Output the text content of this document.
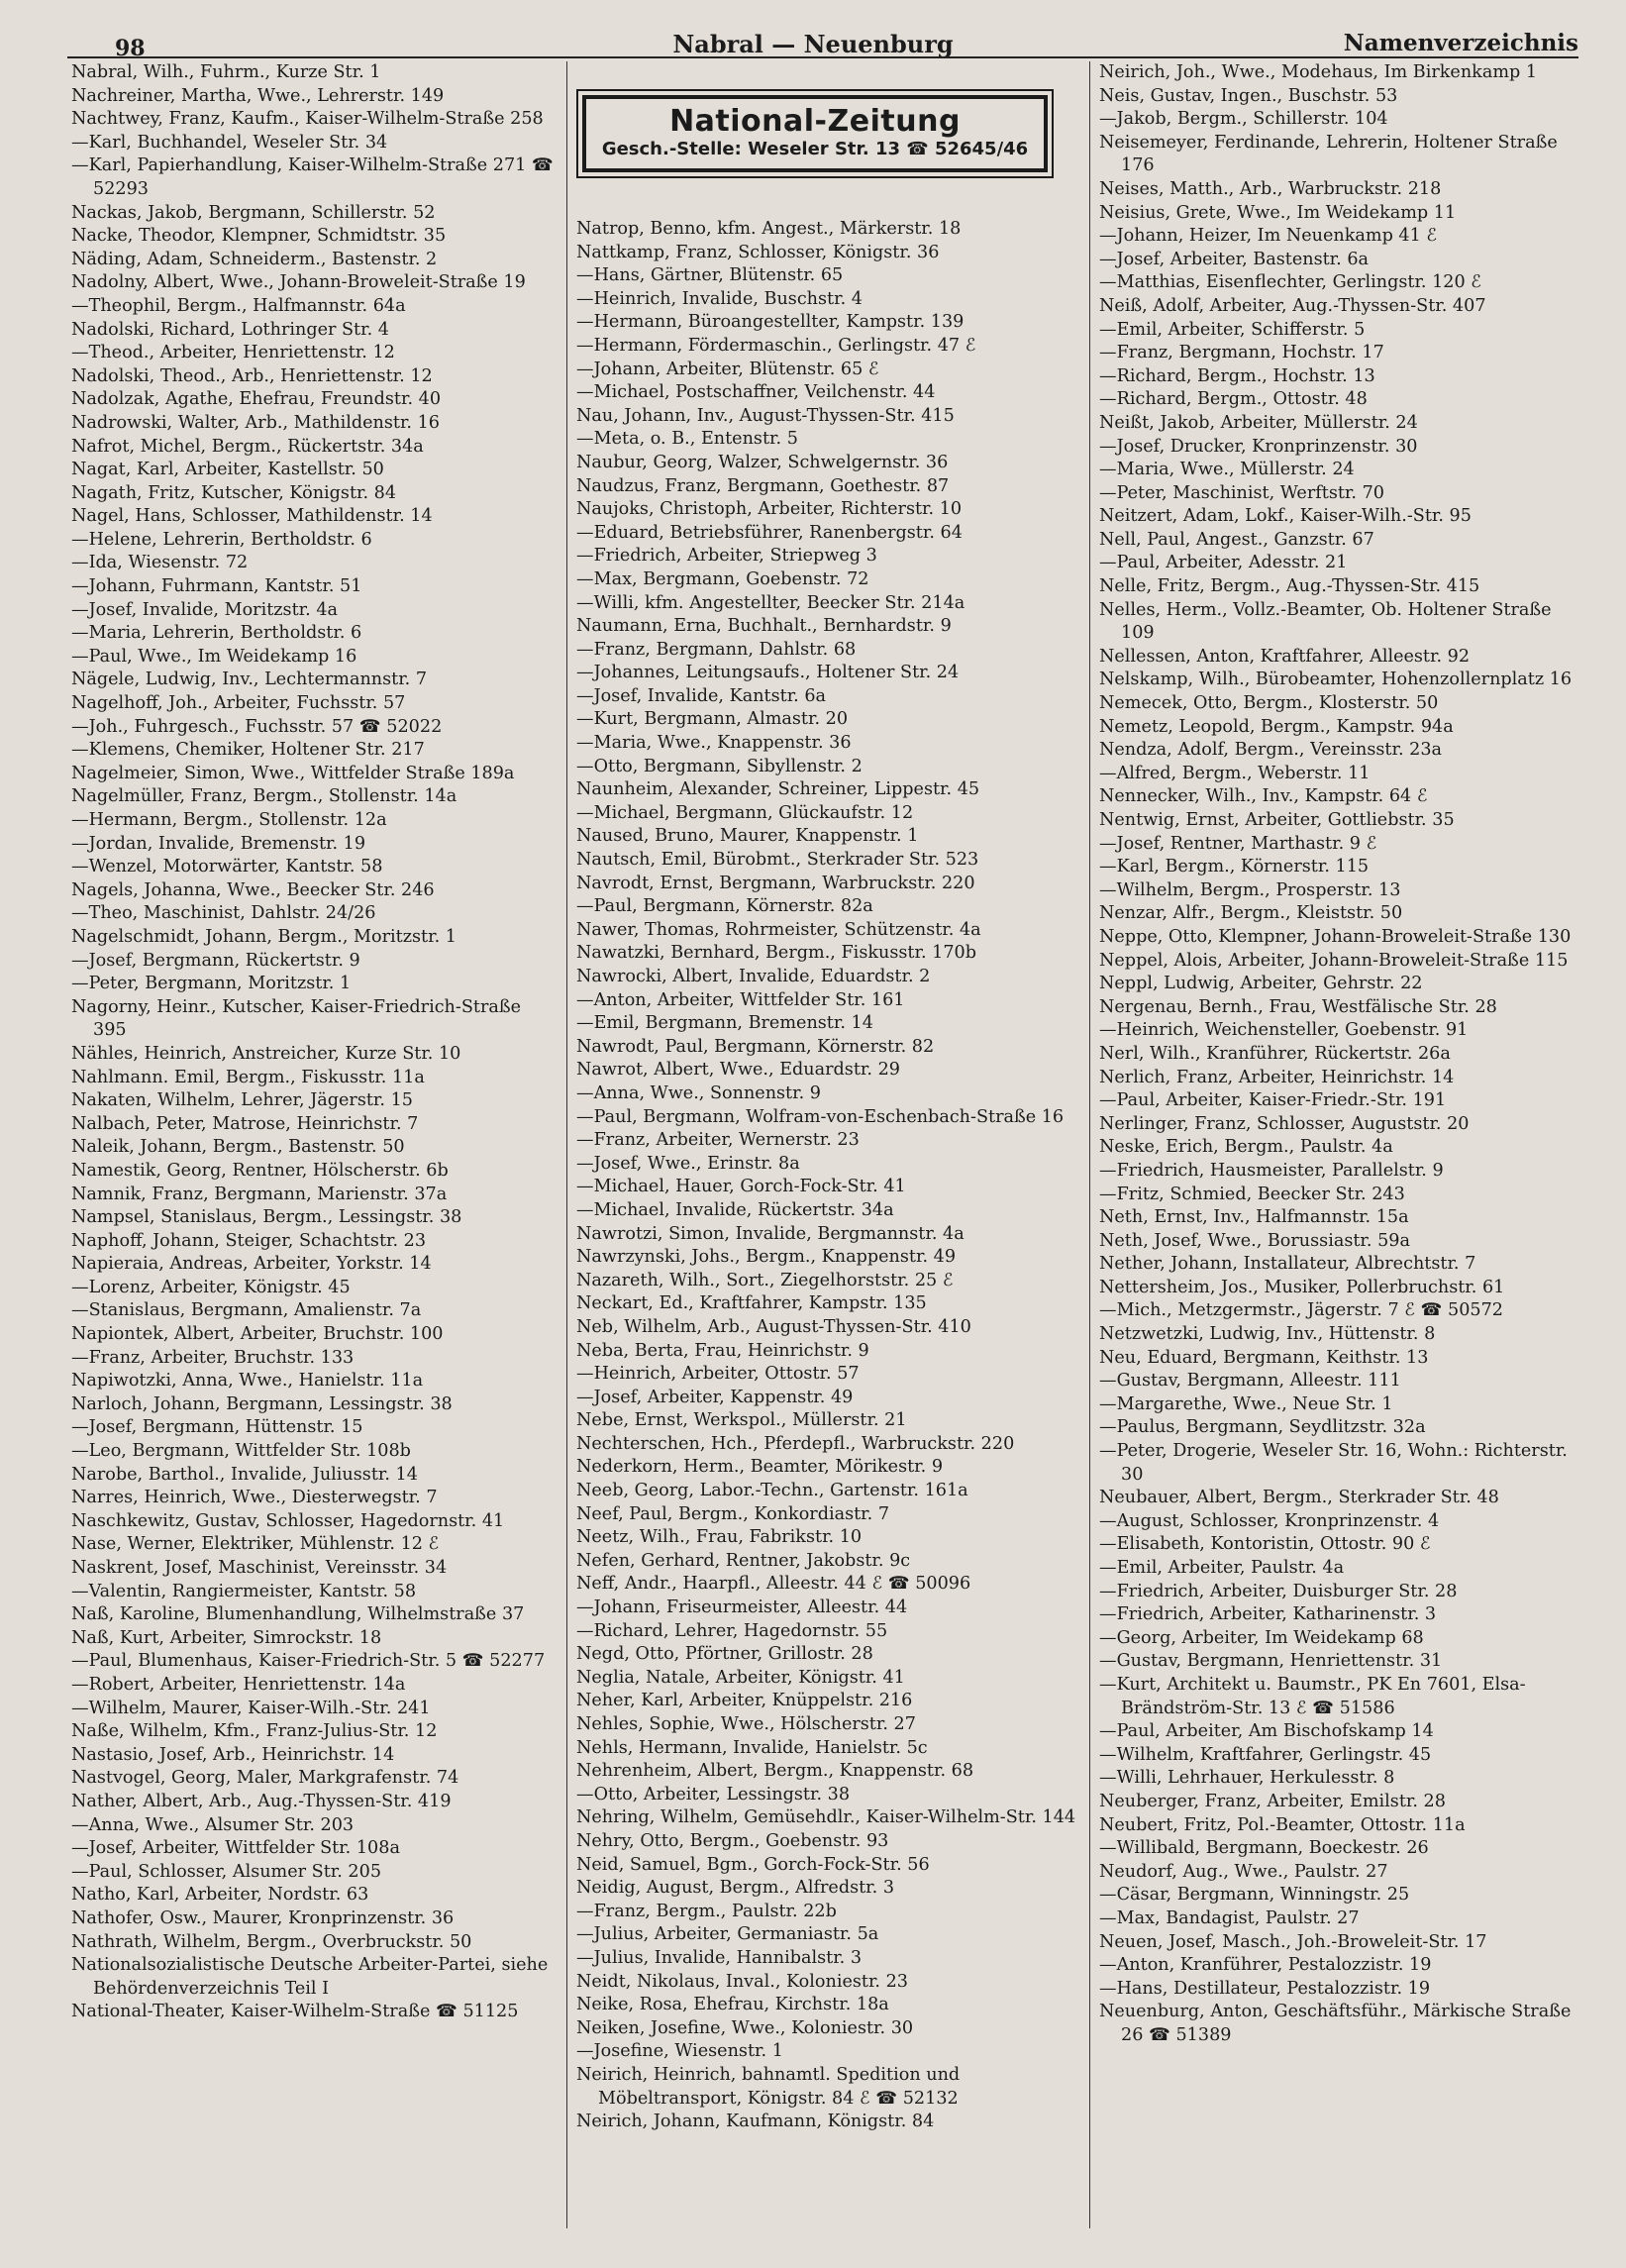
98	Nabral — Neuenburg	Namenverzeichnis
Nabral, Wilh., Fuhrm., Kurze Str. 1
Nachreiner, Martha, Wwe., Lehrerstr. 149
Nachtwey, Franz, Kaufm., Kaiser-Wilhelm-Straße 258
—Karl, Buchhandel, Weseler Str. 34
—Karl, Papierhandlung, Kaiser-Wilhelm-Straße 271 ☎ 52293
Nackas, Jakob, Bergmann, Schillerstr. 52
Nacke, Theodor, Klempner, Schmidtstr. 35
Näding, Adam, Schneiderm., Bastenstr. 2
Nadolny, Albert, Wwe., Johann-Broweleit-Straße 19
—Theophil, Bergm., Halfmannstr. 64a
Nadolski, Richard, Lothringer Str. 4
—Theod., Arbeiter, Henriettenstr. 12
Nadolski, Theod., Arb., Henriettenstr. 12
Nadolzak, Agathe, Ehefrau, Freundstr. 40
Nadrowski, Walter, Arb., Mathildenstr. 16
Nafrot, Michel, Bergm., Rückertstr. 34a
Nagat, Karl, Arbeiter, Kastellstr. 50
Nagath, Fritz, Kutscher, Königstr. 84
Nagel, Hans, Schlosser, Mathildenstr. 14
—Helene, Lehrerin, Bertholdstr. 6
—Ida, Wiesenstr. 72
—Johann, Fuhrmann, Kantstr. 51
—Josef, Invalide, Moritzstr. 4a
—Maria, Lehrerin, Bertholdstr. 6
—Paul, Wwe., Im Weidekamp 16
Nägele, Ludwig, Inv., Lechtermannstr. 7
Nagelhoff, Joh., Arbeiter, Fuchsstr. 57
—Joh., Fuhrgesch., Fuchsstr. 57 ☎ 52022
—Klemens, Chemiker, Holtener Str. 217
Nagelmeier, Simon, Wwe., Wittfelder Straße 189a
Nagelmüller, Franz, Bergm., Stollenstr. 14a
—Hermann, Bergm., Stollenstr. 12a
—Jordan, Invalide, Bremenstr. 19
—Wenzel, Motorwärter, Kantstr. 58
Nagels, Johanna, Wwe., Beecker Str. 246
—Theo, Maschinist, Dahlstr. 24/26
Nagelschmidt, Johann, Bergm., Moritzstr. 1
—Josef, Bergmann, Rückertstr. 9
—Peter, Bergmann, Moritzstr. 1
Nagorny, Heinr., Kutscher, Kaiser-Friedrich-Straße 395
Nähles, Heinrich, Anstreicher, Kurze Str. 10
Nahlmann. Emil, Bergm., Fiskusstr. 11a
Nakaten, Wilhelm, Lehrer, Jägerstr. 15
Nalbach, Peter, Matrose, Heinrichstr. 7
Naleik, Johann, Bergm., Bastenstr. 50
Namestik, Georg, Rentner, Hölscherstr. 6b
Namnik, Franz, Bergmann, Marienstr. 37a
Nampsel, Stanislaus, Bergm., Lessingstr. 38
Naphoff, Johann, Steiger, Schachtstr. 23
Napieraia, Andreas, Arbeiter, Yorkstr. 14
—Lorenz, Arbeiter, Königstr. 45
—Stanislaus, Bergmann, Amalienstr. 7a
Napiontek, Albert, Arbeiter, Bruchstr. 100
—Franz, Arbeiter, Bruchstr. 133
Napiwotzki, Anna, Wwe., Hanielstr. 11a
Narloch, Johann, Bergmann, Lessingstr. 38
—Josef, Bergmann, Hüttenstr. 15
—Leo, Bergmann, Wittfelder Str. 108b
Narobe, Barthol., Invalide, Juliusstr. 14
Narres, Heinrich, Wwe., Diesterwegstr. 7
Naschkewitz, Gustav, Schlosser, Hagedornstr. 41
Nase, Werner, Elektriker, Mühlenstr. 12 ℰ
Naskrent, Josef, Maschinist, Vereinsstr. 34
—Valentin, Rangiermeister, Kantstr. 58
Naß, Karoline, Blumenhandlung, Wilhelmstraße 37
Naß, Kurt, Arbeiter, Simrockstr. 18
—Paul, Blumenhaus, Kaiser-Friedrich-Str. 5 ☎ 52277
—Robert, Arbeiter, Henriettenstr. 14a
—Wilhelm, Maurer, Kaiser-Wilh.-Str. 241
Naße, Wilhelm, Kfm., Franz-Julius-Str. 12
Nastasio, Josef, Arb., Heinrichstr. 14
Nastvogel, Georg, Maler, Markgrafenstr. 74
Nather, Albert, Arb., Aug.-Thyssen-Str. 419
—Anna, Wwe., Alsumer Str. 203
—Josef, Arbeiter, Wittfelder Str. 108a
—Paul, Schlosser, Alsumer Str. 205
Natho, Karl, Arbeiter, Nordstr. 63
Nathofer, Osw., Maurer, Kronprinzenstr. 36
Nathrath, Wilhelm, Bergm., Overbruckstr. 50
Nationalsozialistische Deutsche Arbeiter-Partei, siehe Behördenverzeichnis Teil I
National-Theater, Kaiser-Wilhelm-Straße ☎ 51125
National-Zeitung
Gesch.-Stelle: Weseler Str. 13 ☎ 52645/46
Natrop, Benno, kfm. Angest., Märkerstr. 18
Nattkamp, Franz, Schlosser, Königstr. 36
—Hans, Gärtner, Blütenstr. 65
—Heinrich, Invalide, Buschstr. 4
—Hermann, Büroangestellter, Kampstr. 139
—Hermann, Fördermaschin., Gerlingstr. 47 ℰ
—Johann, Arbeiter, Blütenstr. 65 ℰ
—Michael, Postschaffner, Veilchenstr. 44
Nau, Johann, Inv., August-Thyssen-Str. 415
—Meta, o. B., Entenstr. 5
Naubur, Georg, Walzer, Schwelgernstr. 36
Naudzus, Franz, Bergmann, Goethestr. 87
Naujoks, Christoph, Arbeiter, Richterstr. 10
—Eduard, Betriebsführer, Ranenbergstr. 64
—Friedrich, Arbeiter, Striepweg 3
—Max, Bergmann, Goebenstr. 72
—Willi, kfm. Angestellter, Beecker Str. 214a
Naumann, Erna, Buchhalt., Bernhardstr. 9
—Franz, Bergmann, Dahlstr. 68
—Johannes, Leitungsaufs., Holtener Str. 24
—Josef, Invalide, Kantstr. 6a
—Kurt, Bergmann, Almastr. 20
—Maria, Wwe., Knappenstr. 36
—Otto, Bergmann, Sibyllenstr. 2
Naunheim, Alexander, Schreiner, Lippestr. 45
—Michael, Bergmann, Glückaufstr. 12
Naused, Bruno, Maurer, Knappenstr. 1
Nautsch, Emil, Bürobmt., Sterkrader Str. 523
Navrodt, Ernst, Bergmann, Warbruckstr. 220
—Paul, Bergmann, Körnerstr. 82a
Nawer, Thomas, Rohrmeister, Schützenstr. 4a
Nawatzki, Bernhard, Bergm., Fiskusstr. 170b
Nawrocki, Albert, Invalide, Eduardstr. 2
—Anton, Arbeiter, Wittfelder Str. 161
—Emil, Bergmann, Bremenstr. 14
Nawrodt, Paul, Bergmann, Körnerstr. 82
Nawrot, Albert, Wwe., Eduardstr. 29
—Anna, Wwe., Sonnenstr. 9
—Paul, Bergmann, Wolfram-von-Eschenbach-Straße 16
—Franz, Arbeiter, Wernerstr. 23
—Josef, Wwe., Erinstr. 8a
—Michael, Hauer, Gorch-Fock-Str. 41
—Michael, Invalide, Rückertstr. 34a
Nawrotzi, Simon, Invalide, Bergmannstr. 4a
Nawrzynski, Johs., Bergm., Knappenstr. 49
Nazareth, Wilh., Sort., Ziegelhorststr. 25 ℰ
Neckart, Ed., Kraftfahrer, Kampstr. 135
Neb, Wilhelm, Arb., August-Thyssen-Str. 410
Neba, Berta, Frau, Heinrichstr. 9
—Heinrich, Arbeiter, Ottostr. 57
—Josef, Arbeiter, Kappenstr. 49
Nebe, Ernst, Werkspol., Müllerstr. 21
Nechterschen, Hch., Pferdepfl., Warbruckstr. 220
Nederkorn, Herm., Beamter, Mörikestr. 9
Neeb, Georg, Labor.-Techn., Gartenstr. 161a
Neef, Paul, Bergm., Konkordiastr. 7
Neetz, Wilh., Frau, Fabrikstr. 10
Nefen, Gerhard, Rentner, Jakobstr. 9c
Neff, Andr., Haarpfl., Alleestr. 44 ℰ ☎ 50096
—Johann, Friseurmeister, Alleestr. 44
—Richard, Lehrer, Hagedornstr. 55
Negd, Otto, Pförtner, Grillostr. 28
Neglia, Natale, Arbeiter, Königstr. 41
Neher, Karl, Arbeiter, Knüppelstr. 216
Nehles, Sophie, Wwe., Hölscherstr. 27
Nehls, Hermann, Invalide, Hanielstr. 5c
Nehrenheim, Albert, Bergm., Knappenstr. 68
—Otto, Arbeiter, Lessingstr. 38
Nehring, Wilhelm, Gemüsehdlr., Kaiser-Wilhelm-Str. 144
Nehry, Otto, Bergm., Goebenstr. 93
Neid, Samuel, Bgm., Gorch-Fock-Str. 56
Neidig, August, Bergm., Alfredstr. 3
—Franz, Bergm., Paulstr. 22b
—Julius, Arbeiter, Germaniastr. 5a
—Julius, Invalide, Hannibalstr. 3
Neidt, Nikolaus, Inval., Koloniestr. 23
Neike, Rosa, Ehefrau, Kirchstr. 18a
Neiken, Josefine, Wwe., Koloniestr. 30
—Josefine, Wiesenstr. 1
Neirich, Heinrich, bahnamtl. Spedition und Möbeltransport, Königstr. 84 ℰ ☎ 52132
Neirich, Johann, Kaufmann, Königstr. 84
Neirich, Joh., Wwe., Modehaus, Im Birkenkamp 1
Neis, Gustav, Ingen., Buschstr. 53
—Jakob, Bergm., Schillerstr. 104
Neisemeyer, Ferdinande, Lehrerin, Holtener Straße 176
Neises, Matth., Arb., Warbruckstr. 218
Neisius, Grete, Wwe., Im Weidekamp 11
—Johann, Heizer, Im Neuenkamp 41 ℰ
—Josef, Arbeiter, Bastenstr. 6a
—Matthias, Eisenflechter, Gerlingstr. 120 ℰ
Neiß, Adolf, Arbeiter, Aug.-Thyssen-Str. 407
—Emil, Arbeiter, Schifferstr. 5
—Franz, Bergmann, Hochstr. 17
—Richard, Bergm., Hochstr. 13
—Richard, Bergm., Ottostr. 48
Neißt, Jakob, Arbeiter, Müllerstr. 24
—Josef, Drucker, Kronprinzenstr. 30
—Maria, Wwe., Müllerstr. 24
—Peter, Maschinist, Werftstr. 70
Neitzert, Adam, Lokf., Kaiser-Wilh.-Str. 95
Nell, Paul, Angest., Ganzstr. 67
—Paul, Arbeiter, Adesstr. 21
Nelle, Fritz, Bergm., Aug.-Thyssen-Str. 415
Nelles, Herm., Vollz.-Beamter, Ob. Holtener Straße 109
Nellessen, Anton, Kraftfahrer, Alleestr. 92
Nelskamp, Wilh., Bürobeamter, Hohenzollernplatz 16
Nemecek, Otto, Bergm., Klosterstr. 50
Nemetz, Leopold, Bergm., Kampstr. 94a
Nendza, Adolf, Bergm., Vereinsstr. 23a
—Alfred, Bergm., Weberstr. 11
Nennecker, Wilh., Inv., Kampstr. 64 ℰ
Nentwig, Ernst, Arbeiter, Gottliebstr. 35
—Josef, Rentner, Marthastr. 9 ℰ
—Karl, Bergm., Körnerstr. 115
—Wilhelm, Bergm., Prosperstr. 13
Nenzar, Alfr., Bergm., Kleiststr. 50
Neppe, Otto, Klempner, Johann-Broweleit-Straße 130
Neppel, Alois, Arbeiter, Johann-Broweleit-Straße 115
Neppl, Ludwig, Arbeiter, Gehrstr. 22
Nergenau, Bernh., Frau, Westfälische Str. 28
—Heinrich, Weichensteller, Goebenstr. 91
Nerl, Wilh., Kranführer, Rückertstr. 26a
Nerlich, Franz, Arbeiter, Heinrichstr. 14
—Paul, Arbeiter, Kaiser-Friedr.-Str. 191
Nerlinger, Franz, Schlosser, Auguststr. 20
Neske, Erich, Bergm., Paulstr. 4a
—Friedrich, Hausmeister, Parallelstr. 9
—Fritz, Schmied, Beecker Str. 243
Neth, Ernst, Inv., Halfmannstr. 15a
Neth, Josef, Wwe., Borussiastr. 59a
Nether, Johann, Installateur, Albrechtstr. 7
Nettersheim, Jos., Musiker, Pollerbruchstr. 61
—Mich., Metzgermstr., Jägerstr. 7 ℰ ☎ 50572
Netzwetzki, Ludwig, Inv., Hüttenstr. 8
Neu, Eduard, Bergmann, Keithstr. 13
—Gustav, Bergmann, Alleestr. 111
—Margarethe, Wwe., Neue Str. 1
—Paulus, Bergmann, Seydlitzstr. 32a
—Peter, Drogerie, Weseler Str. 16, Wohn.: Richterstr. 30
Neubauer, Albert, Bergm., Sterkrader Str. 48
—August, Schlosser, Kronprinzenstr. 4
—Elisabeth, Kontoristin, Ottostr. 90 ℰ
—Emil, Arbeiter, Paulstr. 4a
—Friedrich, Arbeiter, Duisburger Str. 28
—Friedrich, Arbeiter, Katharinenstr. 3
—Georg, Arbeiter, Im Weidekamp 68
—Gustav, Bergmann, Henriettenstr. 31
—Kurt, Architekt u. Baumstr., PK En 7601, Elsa-Brändström-Str. 13 ℰ ☎ 51586
—Paul, Arbeiter, Am Bischofskamp 14
—Wilhelm, Kraftfahrer, Gerlingstr. 45
—Willi, Lehrhauer, Herkulesstr. 8
Neuberger, Franz, Arbeiter, Emilstr. 28
Neubert, Fritz, Pol.-Beamter, Ottostr. 11a
—Willibald, Bergmann, Boeckestr. 26
Neudorf, Aug., Wwe., Paulstr. 27
—Cäsar, Bergmann, Winningstr. 25
—Max, Bandagist, Paulstr. 27
Neuen, Josef, Masch., Joh.-Broweleit-Str. 17
—Anton, Kranführer, Pestalozzistr. 19
—Hans, Destillateur, Pestalozzistr. 19
Neuenburg, Anton, Geschäftsführ., Märkische Straße 26 ☎ 51389
